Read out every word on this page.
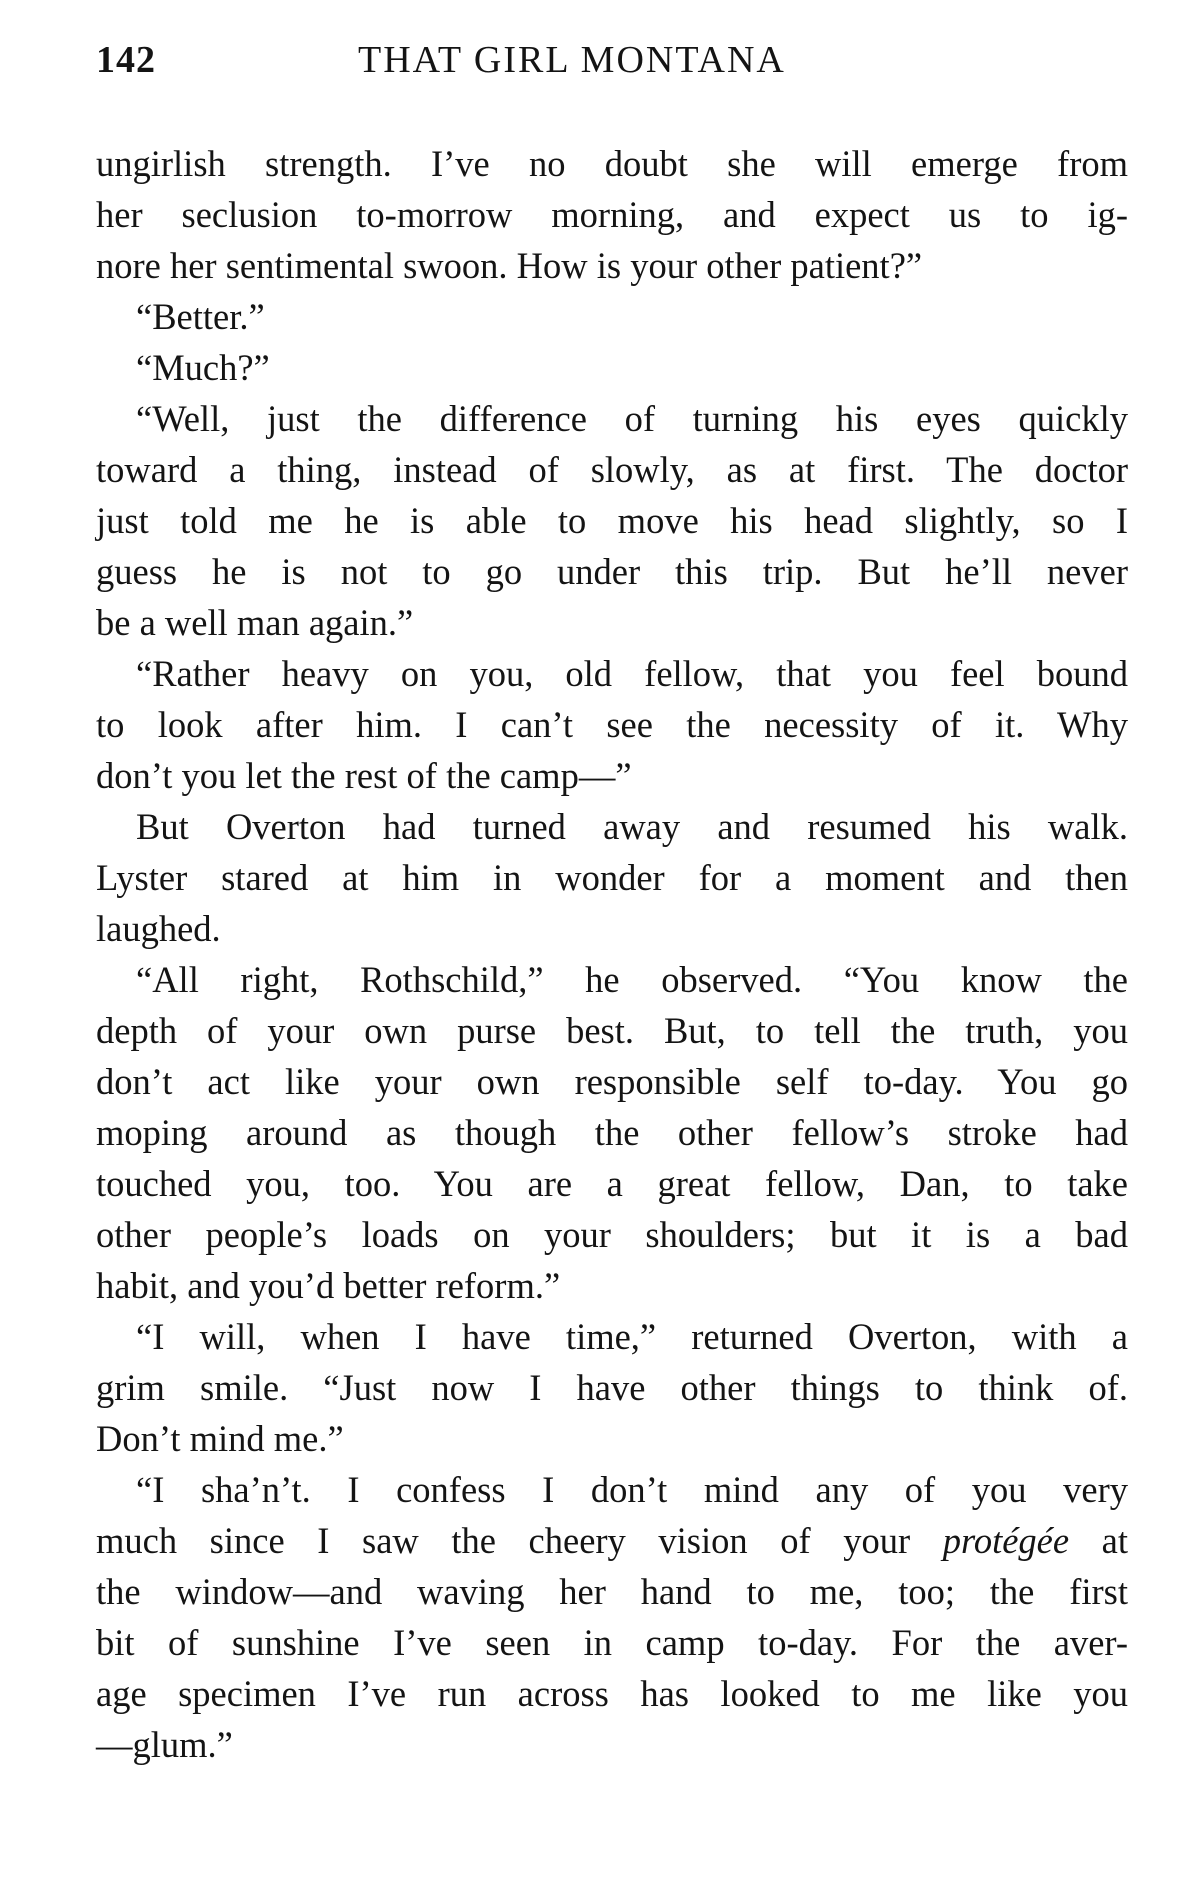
142	THAT GIRL MONTANA
ungirlish strength. I’ve no doubt she will emerge from
her seclusion to-morrow morning, and expect us to ig-
nore her sentimental swoon. How is your other patient?”
“Better.”
“Much?”
“Well, just the difference of turning his eyes quickly
toward a thing, instead of slowly, as at first. The doctor
just told me he is able to move his head slightly, so I
guess he is not to go under this trip. But he’ll never
be a well man again.”
“Rather heavy on you, old fellow, that you feel bound
to look after him. I can’t see the necessity of it. Why
don’t you let the rest of the camp—”
But Overton had turned away and resumed his walk.
Lyster stared at him in wonder for a moment and then
laughed.
“All right, Rothschild,” he observed. “You know the
depth of your own purse best. But, to tell the truth, you
don’t act like your own responsible self to-day. You go
moping around as though the other fellow’s stroke had
touched you, too. You are a great fellow, Dan, to take
other people’s loads on your shoulders; but it is a bad
habit, and you’d better reform.”
“I will, when I have time,” returned Overton, with a
grim smile. “Just now I have other things to think of.
Don’t mind me.”
“I sha’n’t. I confess I don’t mind any of you very
much since I saw the cheery vision of your protégée at
the window—and waving her hand to me, too; the first
bit of sunshine I’ve seen in camp to-day. For the aver-
age specimen I’ve run across has looked to me like you
—glum.”
